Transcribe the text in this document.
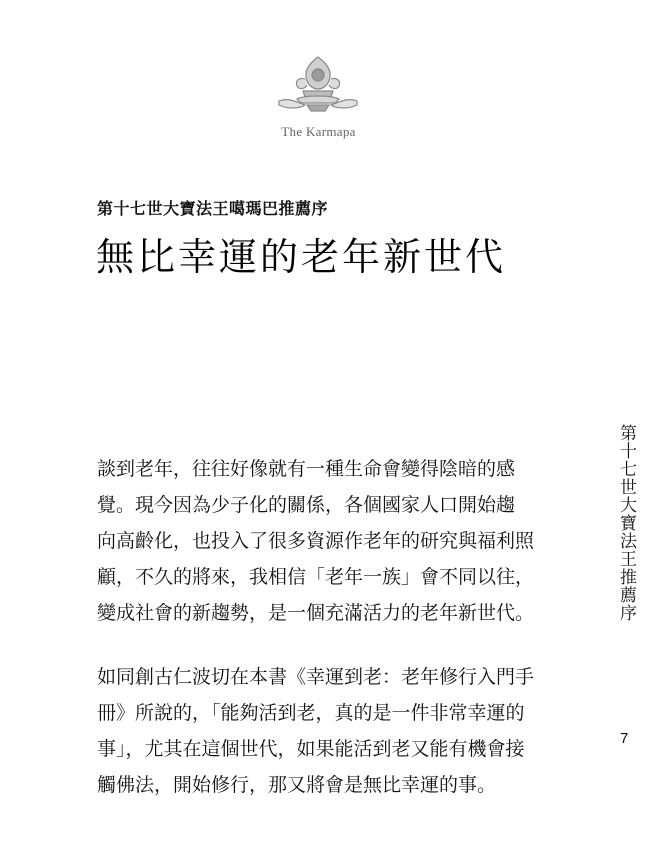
The Karmapa
第十七世大寶法王噶瑪巴推薦序
無比幸運的老年新世代
第十七世大寶法王推薦序

談到老年，往往好像就有一種生命會變得陰暗的感
覺。現今因為少子化的關係，各個國家人口開始趨
向高齡化，也投入了很多資源作老年的研究與福利照
顧，不久的將來，我相信「老年一族」會不同以往，
變成社會的新趨勢，是一個充滿活力的老年新世代。

如同創古仁波切在本書《幸運到老：老年修行入門手
冊》所說的，「能夠活到老，真的是一件非常幸運的
事」，尤其在這個世代，如果能活到老又能有機會接
觸佛法，開始修行，那又將會是無比幸運的事。

7
